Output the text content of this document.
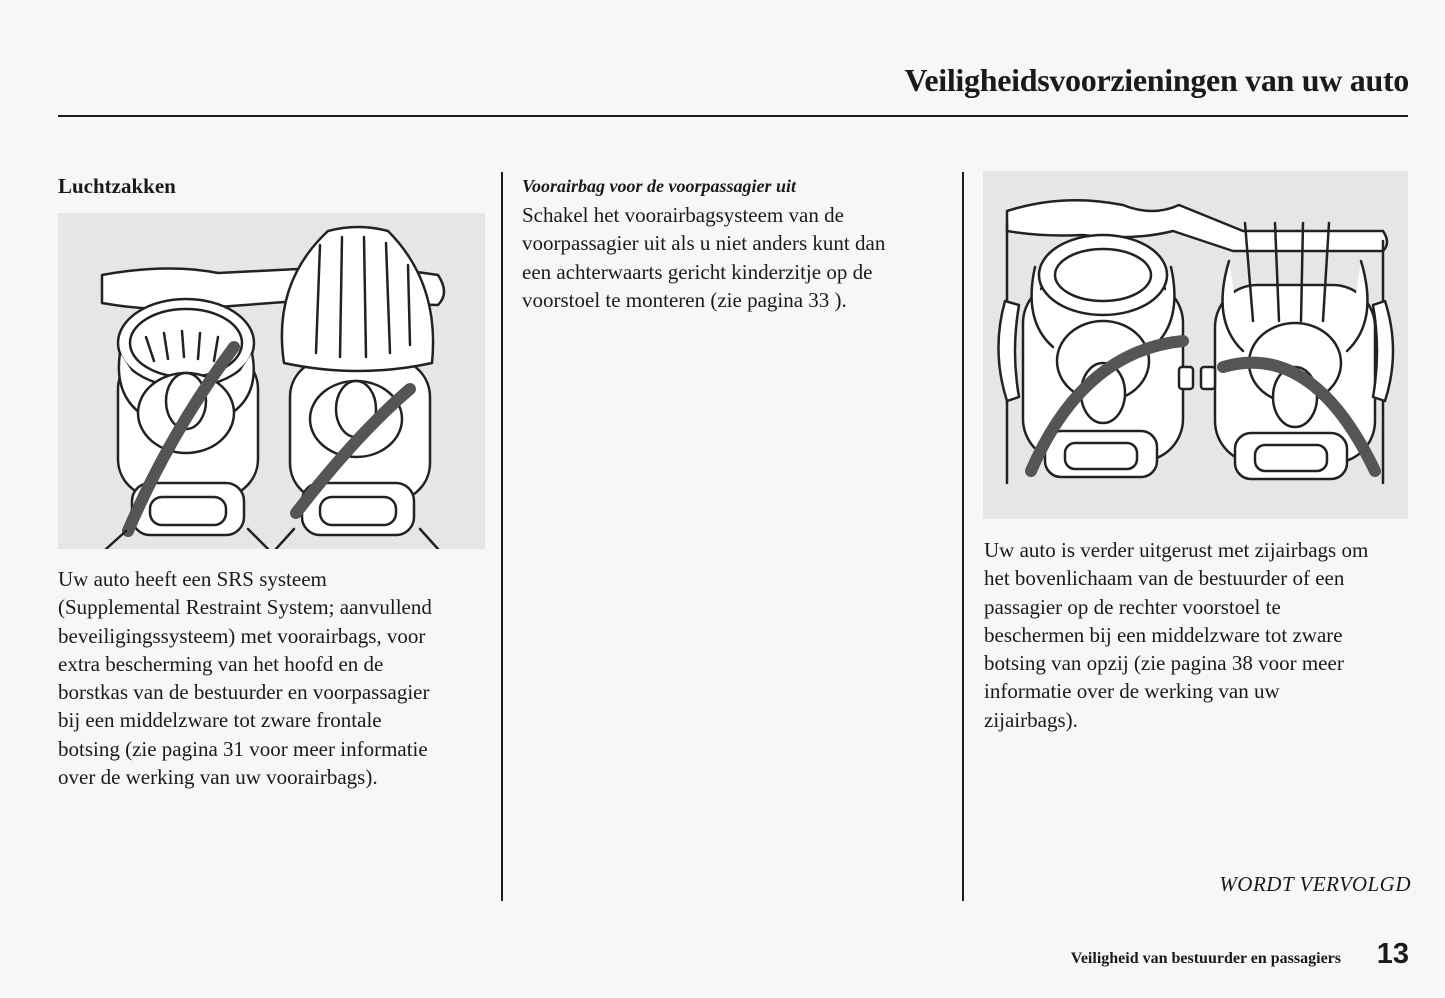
Veiligheidsvoorzieningen van uw auto
Luchtzakken

Uw auto heeft een SRS systeem
(Supplemental Restraint System; aanvullend
beveiligingssysteem) met voorairbags, voor
extra bescherming van het hoofd en de
borstkas van de bestuurder en voorpassagier
bij een middelzware tot zware frontale
botsing (zie pagina 31 voor meer informatie
over de werking van uw voorairbags).

Voorairbag voor de voorpassagier uit

Schakel het voorairbagsysteem van de
voorpassagier uit als u niet anders kunt dan
een achterwaarts gericht kinderzitje op de
voorstoel te monteren (zie pagina 33 ).

Uw auto is verder uitgerust met zijairbags om
het bovenlichaam van de bestuurder of een
passagier op de rechter voorstoel te
beschermen bij een middelzware tot zware
botsing van opzij (zie pagina 38 voor meer
informatie over de werking van uw
zijairbags).

WORDT VERVOLGD

Veiligheid van bestuurder en passagiers 13
